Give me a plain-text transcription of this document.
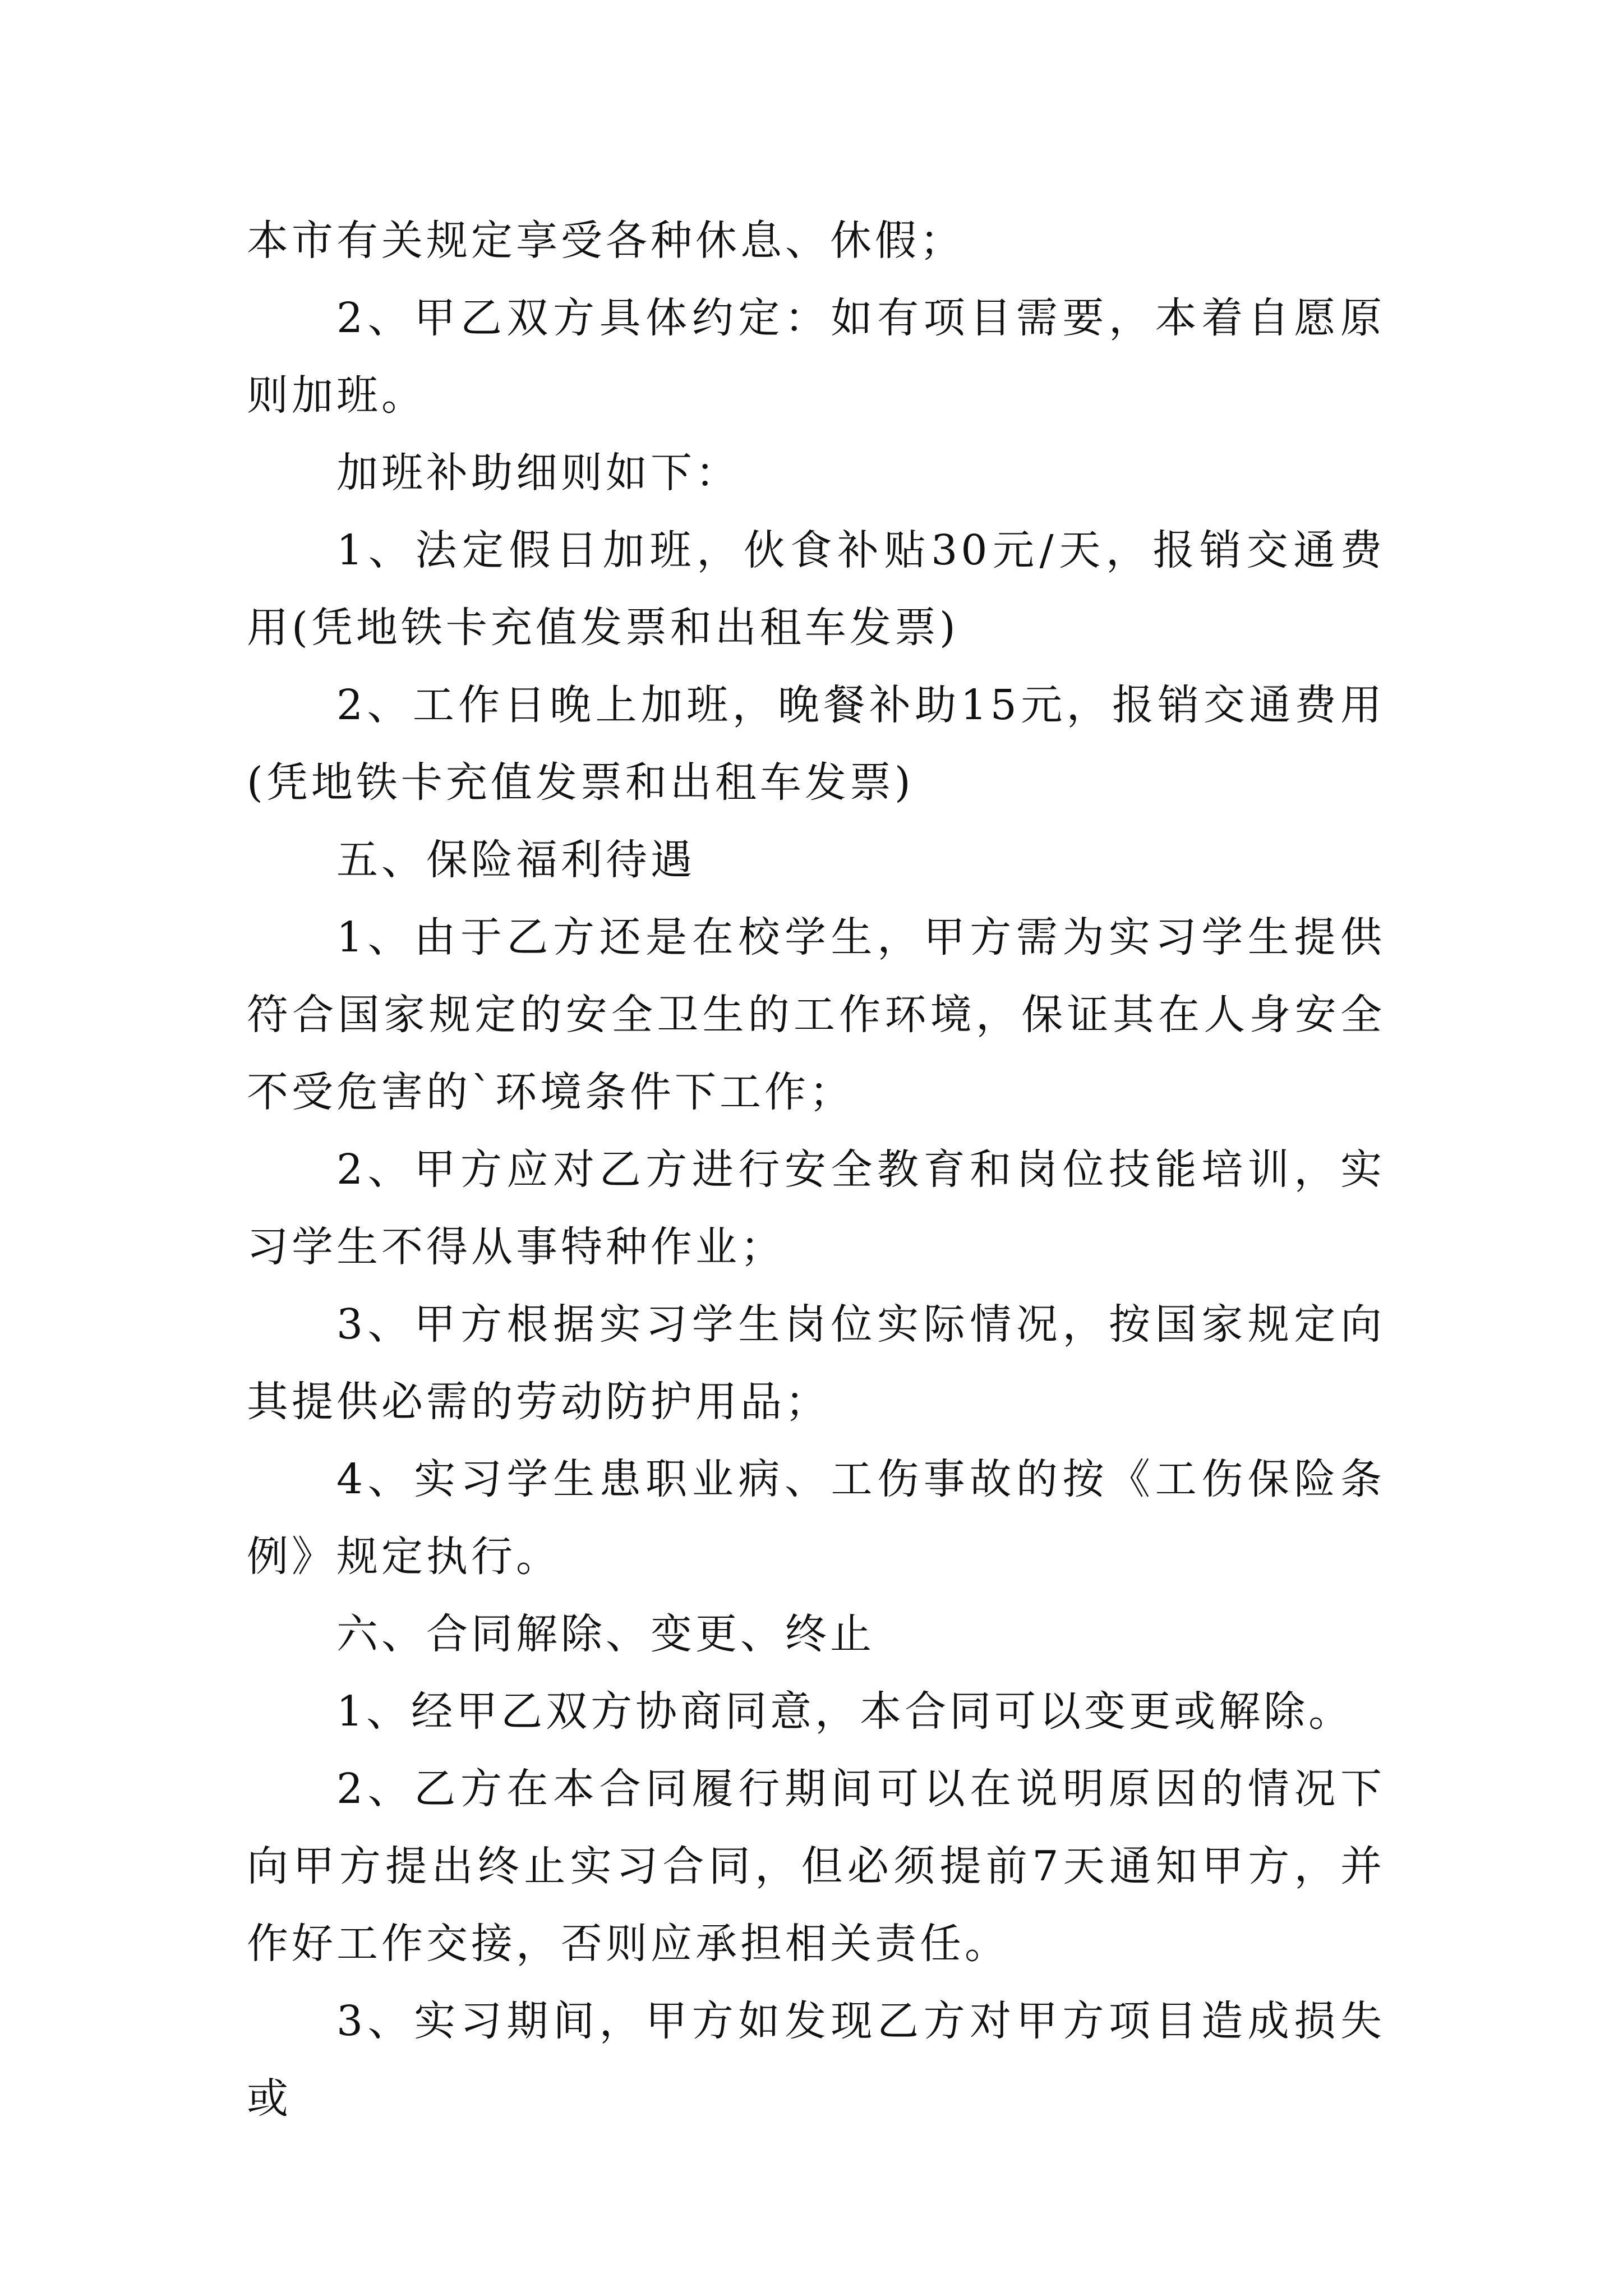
本市有关规定享受各种休息、休假；

2、甲乙双方具体约定：如有项目需要，本着自愿原则加班。

加班补助细则如下：

1、法定假日加班，伙食补贴30元/天，报销交通费用(凭地铁卡充值发票和出租车发票)

2、工作日晚上加班，晚餐补助15元，报销交通费用(凭地铁卡充值发票和出租车发票)

五、保险福利待遇

1、由于乙方还是在校学生，甲方需为实习学生提供符合国家规定的安全卫生的工作环境，保证其在人身安全不受危害的`环境条件下工作；

2、甲方应对乙方进行安全教育和岗位技能培训，实习学生不得从事特种作业；

3、甲方根据实习学生岗位实际情况，按国家规定向其提供必需的劳动防护用品；

4、实习学生患职业病、工伤事故的按《工伤保险条例》规定执行。

六、合同解除、变更、终止

1、经甲乙双方协商同意，本合同可以变更或解除。

2、乙方在本合同履行期间可以在说明原因的情况下向甲方提出终止实习合同，但必须提前7天通知甲方，并作好工作交接，否则应承担相关责任。

3、实习期间，甲方如发现乙方对甲方项目造成损失或
